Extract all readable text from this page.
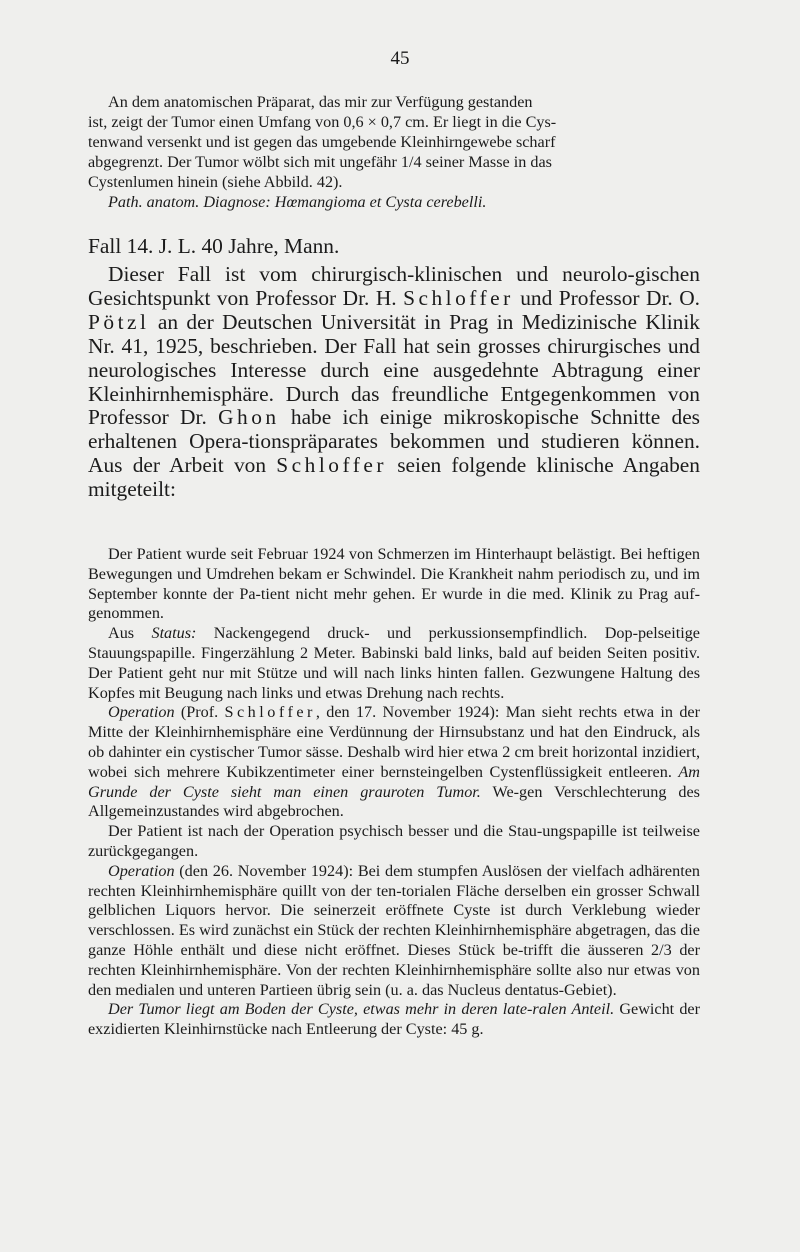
45

An dem anatomischen Präparat, das mir zur Verfügung gestanden

ist, zeigt der Tumor einen Umfang von 0,6 × 0,7 cm. Er liegt in die Cys-

tenwand versenkt und ist gegen das umgebende Kleinhirngewebe scharf

abgegrenzt. Der Tumor wölbt sich mit ungefähr 1/4 seiner Masse in das

Cystenlumen hinein (siehe Abbild. 42).

Path. anatom. Diagnose: Hœmangioma et Cysta cerebelli.

Fall 14. J. L. 40 Jahre, Mann.

Dieser Fall ist vom chirurgisch-klinischen und neurolo-gischen Gesichtspunkt von Professor Dr. H. Schloffer und Professor Dr. O. Pötzl an der Deutschen Universität in Prag in Medizinische Klinik Nr. 41, 1925, beschrieben. Der Fall hat sein grosses chirurgisches und neurologisches Interesse durch eine ausgedehnte Abtragung einer Kleinhirnhemisphäre. Durch das freundliche Entgegenkommen von Professor Dr. Ghon habe ich einige mikroskopische Schnitte des erhaltenen Opera-tionspräparates bekommen und studieren können. Aus der Arbeit von Schloffer seien folgende klinische Angaben mitgeteilt:

Der Patient wurde seit Februar 1924 von Schmerzen im Hinterhaupt belästigt. Bei heftigen Bewegungen und Umdrehen bekam er Schwindel. Die Krankheit nahm periodisch zu, und im September konnte der Pa-tient nicht mehr gehen. Er wurde in die med. Klinik zu Prag auf-genommen.

Aus Status: Nackengegend druck- und perkussionsempfindlich. Dop-pelseitige Stauungspapille. Fingerzählung 2 Meter. Babinski bald links, bald auf beiden Seiten positiv. Der Patient geht nur mit Stütze und will nach links hinten fallen. Gezwungene Haltung des Kopfes mit Beugung nach links und etwas Drehung nach rechts.

Operation (Prof. Schloffer, den 17. November 1924): Man sieht rechts etwa in der Mitte der Kleinhirnhemisphäre eine Verdünnung der Hirnsubstanz und hat den Eindruck, als ob dahinter ein cystischer Tumor sässe. Deshalb wird hier etwa 2 cm breit horizontal inzidiert, wobei sich mehrere Kubikzentimeter einer bernsteingelben Cystenflüssigkeit entleeren. Am Grunde der Cyste sieht man einen grauroten Tumor. We-gen Verschlechterung des Allgemeinzustandes wird abgebrochen.

Der Patient ist nach der Operation psychisch besser und die Stau-ungspapille ist teilweise zurückgegangen.

Operation (den 26. November 1924): Bei dem stumpfen Auslösen der vielfach adhärenten rechten Kleinhirnhemisphäre quillt von der ten-torialen Fläche derselben ein grosser Schwall gelblichen Liquors hervor. Die seinerzeit eröffnete Cyste ist durch Verklebung wieder verschlossen. Es wird zunächst ein Stück der rechten Kleinhirnhemisphäre abgetragen, das die ganze Höhle enthält und diese nicht eröffnet. Dieses Stück be-trifft die äusseren 2/3 der rechten Kleinhirnhemisphäre. Von der rechten Kleinhirnhemisphäre sollte also nur etwas von den medialen und unteren Partieen übrig sein (u. a. das Nucleus dentatus-Gebiet).

Der Tumor liegt am Boden der Cyste, etwas mehr in deren late-ralen Anteil. Gewicht der exzidierten Kleinhirnstücke nach Entleerung der Cyste: 45 g.
